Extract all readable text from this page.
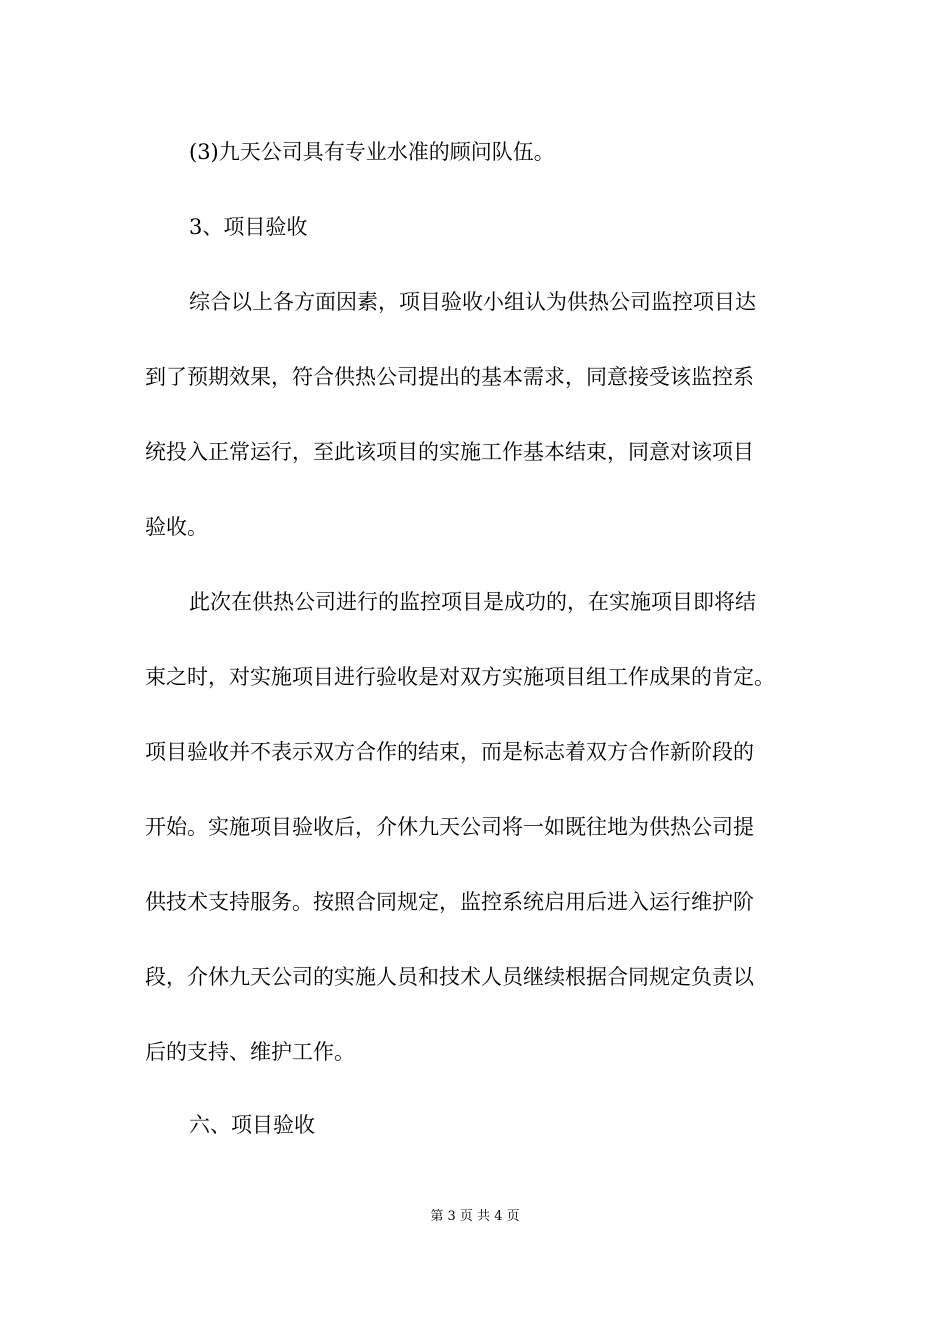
(3)九天公司具有专业水准的顾问队伍。

3、项目验收

综合以上各方面因素，项目验收小组认为供热公司监控项目达

到了预期效果，符合供热公司提出的基本需求，同意接受该监控系

统投入正常运行，至此该项目的实施工作基本结束，同意对该项目

验收。

此次在供热公司进行的监控项目是成功的，在实施项目即将结

束之时，对实施项目进行验收是对双方实施项目组工作成果的肯定。

项目验收并不表示双方合作的结束，而是标志着双方合作新阶段的

开始。实施项目验收后，介休九天公司将一如既往地为供热公司提

供技术支持服务。按照合同规定，监控系统启用后进入运行维护阶

段，介休九天公司的实施人员和技术人员继续根据合同规定负责以

后的支持、维护工作。

六、项目验收

第 3 页 共 4 页
